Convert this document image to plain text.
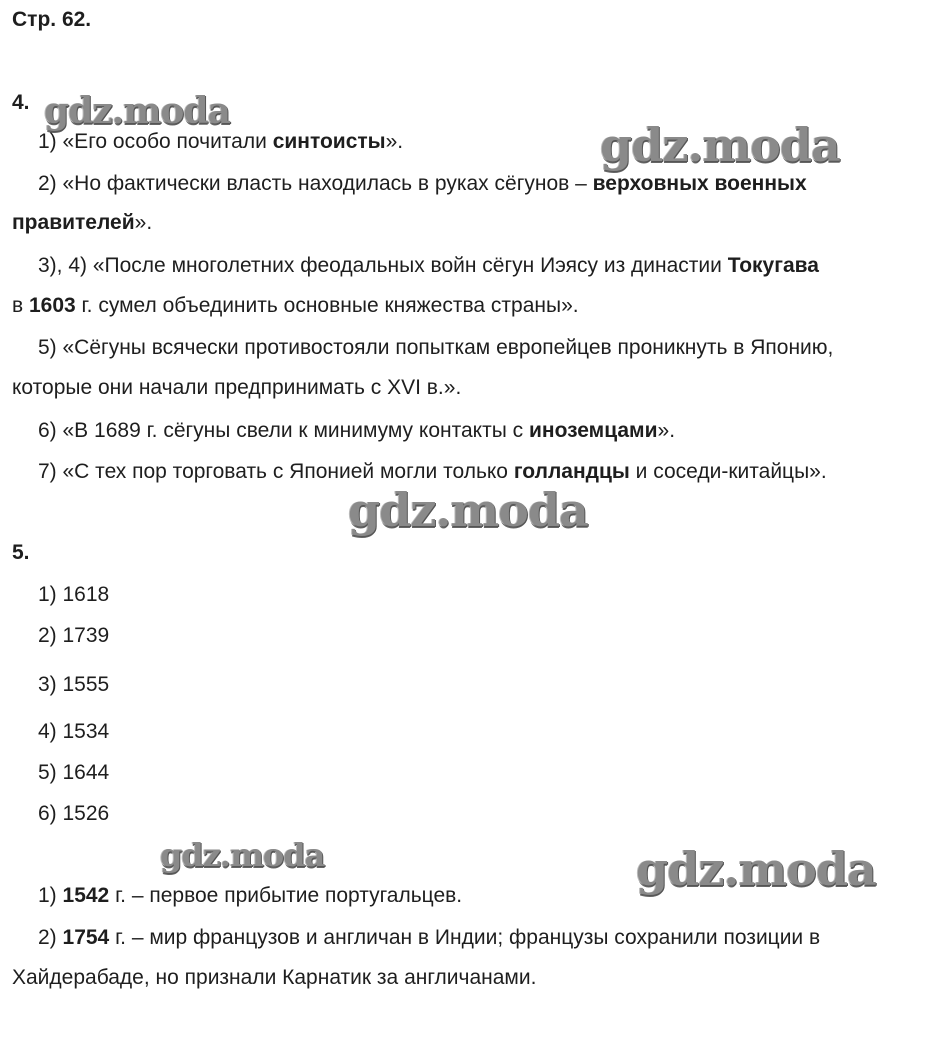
Стр. 62.
gdz.moda
gdz.moda
gdz.moda
gdz.moda	gdz.moda
4.
1) «Его особо почитали синтоисты».
2) «Но фактически власть находилась в руках сёгунов – верховных военных
правителей».
3), 4) «После многолетних феодальных войн сёгун Иэясу из династии Токугава
в 1603 г. сумел объединить основные княжества страны».
5) «Сёгуны всячески противостояли попыткам европейцев проникнуть в Японию,
которые они начали предпринимать с XVI в.».
6) «В 1689 г. сёгуны свели к минимуму контакты с иноземцами».
7) «С тех пор торговать с Японией могли только голландцы и соседи-китайцы».
5.
1) 1618
2) 1739
3) 1555
4) 1534
5) 1644
6) 1526
1) 1542 г. – первое прибытие португальцев.
2) 1754 г. – мир французов и англичан в Индии; французы сохранили позиции в
Хайдерабаде, но признали Карнатик за англичанами.
